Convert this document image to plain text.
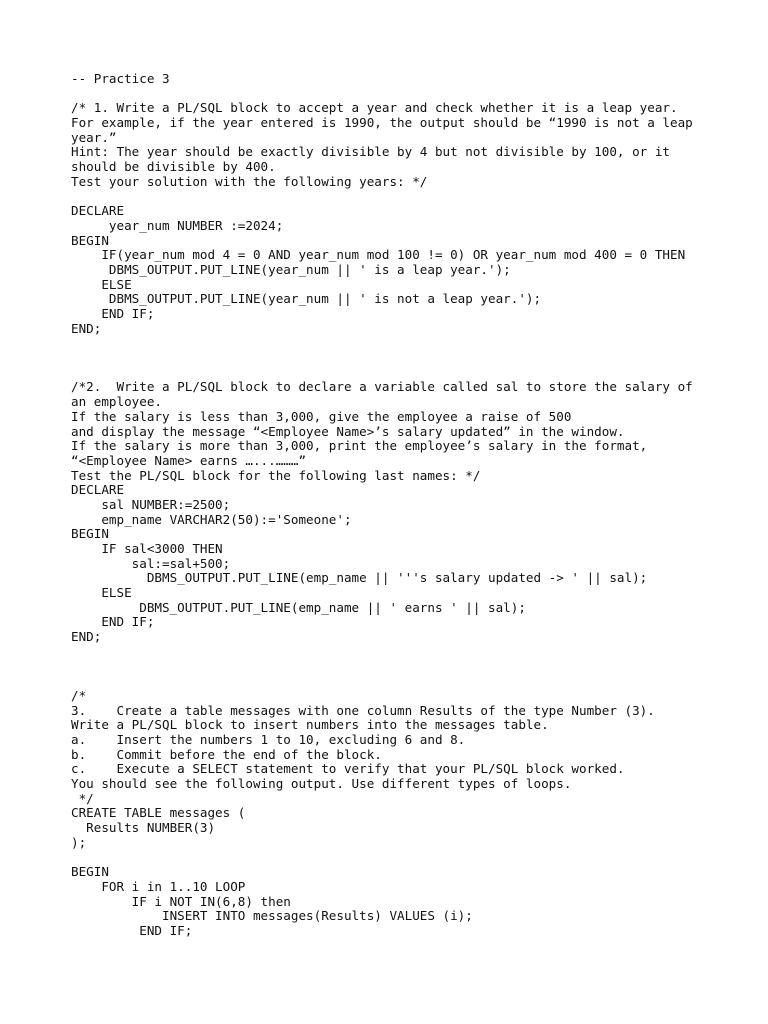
-- Practice 3
/* 1. Write a PL/SQL block to accept a year and check whether it is a leap year.
For example, if the year entered is 1990, the output should be “1990 is not a leap
year.”
Hint: The year should be exactly divisible by 4 but not divisible by 100, or it
should be divisible by 400.
Test your solution with the following years: */
DECLARE
year_num NUMBER :=2024;
BEGIN
IF(year_num mod 4 = 0 AND year_num mod 100 != 0) OR year_num mod 400 = 0 THEN
DBMS_OUTPUT.PUT_LINE(year_num || ' is a leap year.');
ELSE
DBMS_OUTPUT.PUT_LINE(year_num || ' is not a leap year.');
END IF;
END;
/*2.  Write a PL/SQL block to declare a variable called sal to store the salary of
an employee.
If the salary is less than 3,000, give the employee a raise of 500
and display the message “<Employee Name>’s salary updated” in the window.
If the salary is more than 3,000, print the employee’s salary in the format,
“<Employee Name> earns …...………”
Test the PL/SQL block for the following last names: */
DECLARE
sal NUMBER:=2500;
emp_name VARCHAR2(50):='Someone';
BEGIN
IF sal<3000 THEN
sal:=sal+500;
DBMS_OUTPUT.PUT_LINE(emp_name || '''s salary updated -> ' || sal);
ELSE
DBMS_OUTPUT.PUT_LINE(emp_name || ' earns ' || sal);
END IF;
END;
/*
3.    Create a table messages with one column Results of the type Number (3).
Write a PL/SQL block to insert numbers into the messages table.
a.    Insert the numbers 1 to 10, excluding 6 and 8.
b.    Commit before the end of the block.
c.    Execute a SELECT statement to verify that your PL/SQL block worked.
You should see the following output. Use different types of loops.
*/
CREATE TABLE messages (
Results NUMBER(3)
);
BEGIN
FOR i in 1..10 LOOP
IF i NOT IN(6,8) then
INSERT INTO messages(Results) VALUES (i);
END IF;
